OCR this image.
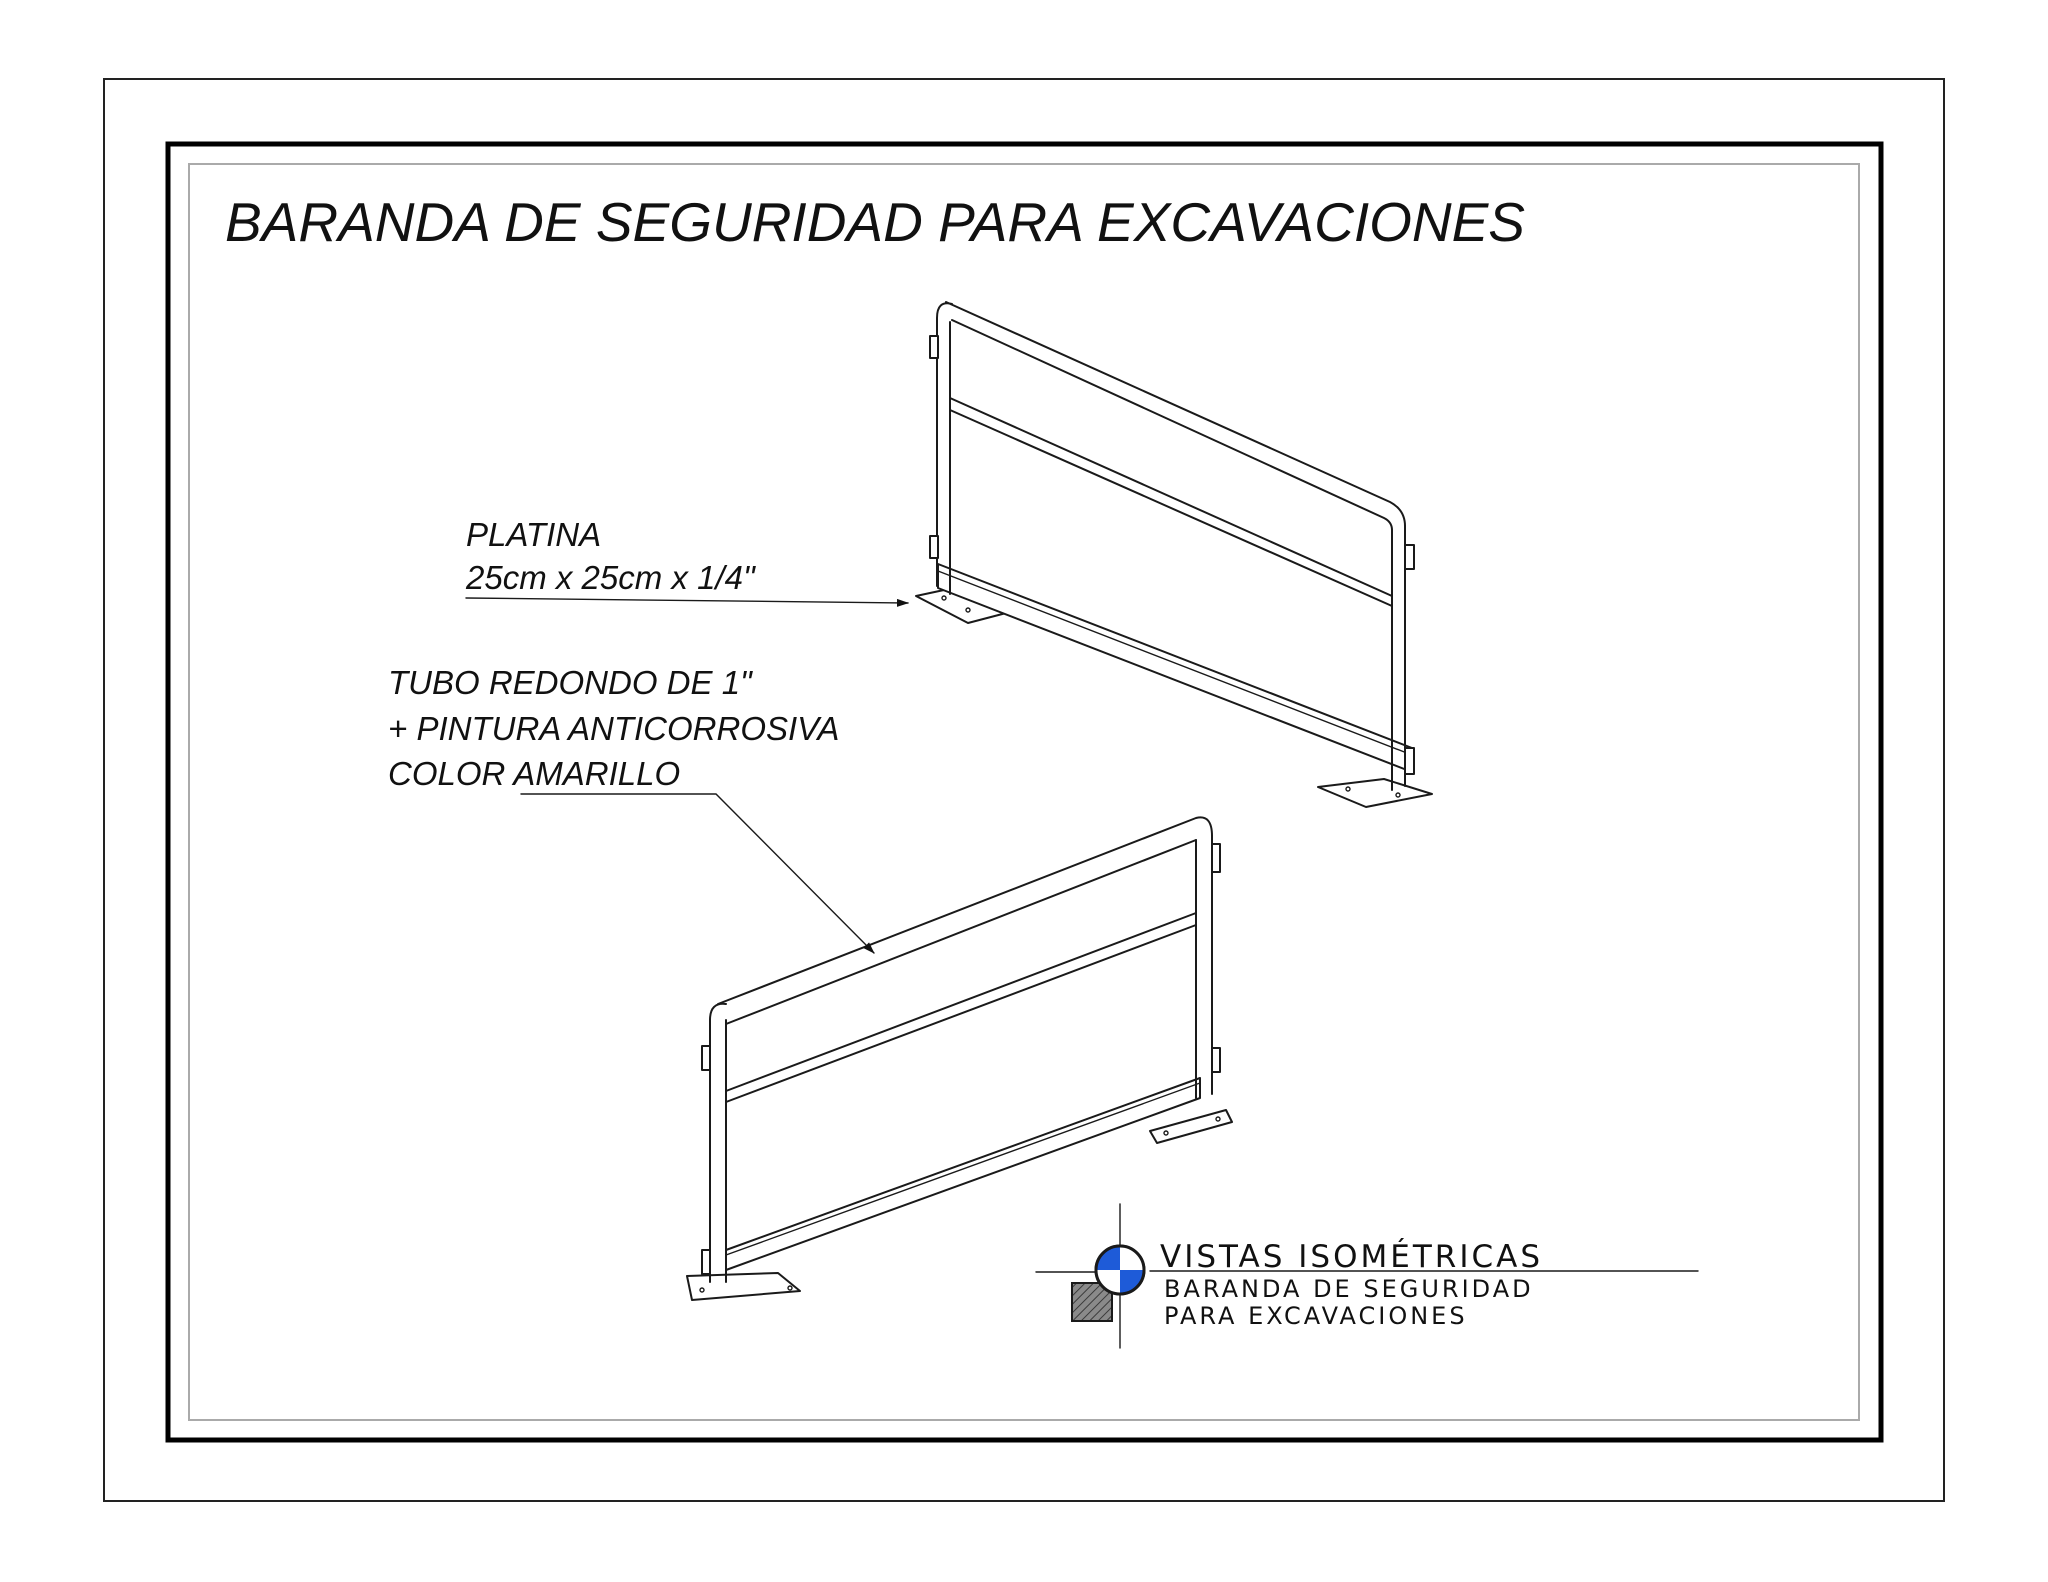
BARANDA DE SEGURIDAD PARA EXCAVACIONES
PLATINA
25cm x 25cm x 1/4"
TUBO REDONDO DE 1"
+ PINTURA ANTICORROSIVA
COLOR AMARILLO
VISTAS ISOMÉTRICAS
BARANDA DE SEGURIDAD
PARA EXCAVACIONES
